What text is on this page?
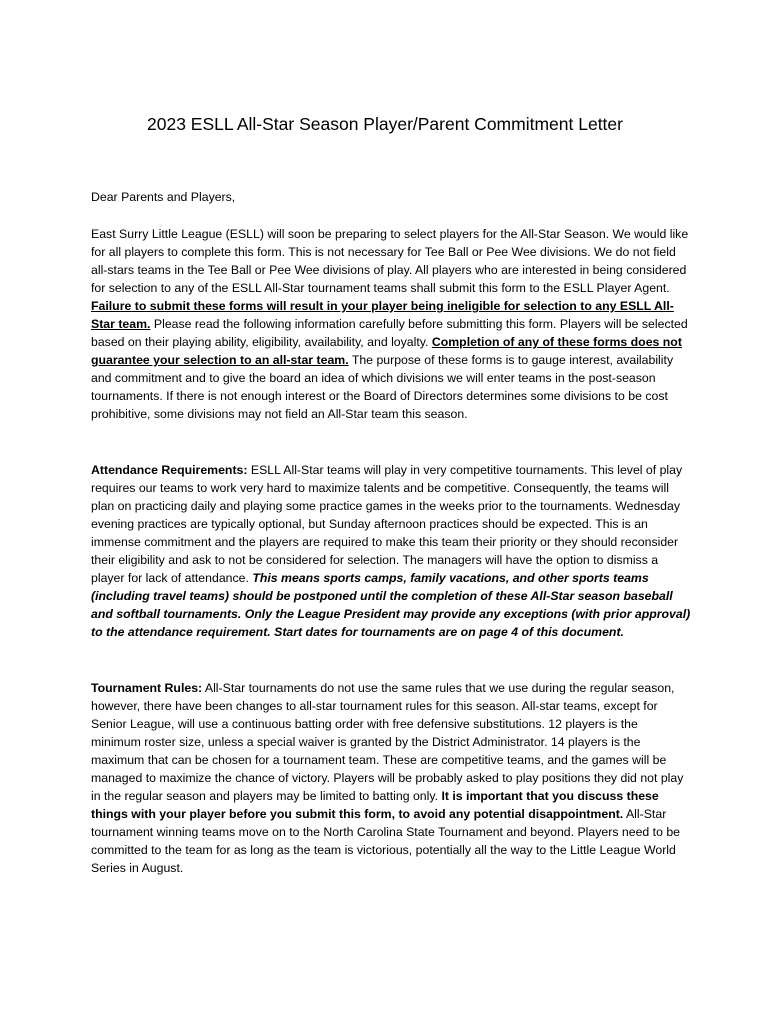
2023 ESLL All-Star Season Player/Parent Commitment Letter
Dear Parents and Players,
East Surry Little League (ESLL) will soon be preparing to select players for the All-Star Season. We would like for all players to complete this form. This is not necessary for Tee Ball or Pee Wee divisions. We do not field all-stars teams in the Tee Ball or Pee Wee divisions of play. All players who are interested in being considered for selection to any of the ESLL All-Star tournament teams shall submit this form to the ESLL Player Agent. Failure to submit these forms will result in your player being ineligible for selection to any ESLL All-Star team. Please read the following information carefully before submitting this form. Players will be selected based on their playing ability, eligibility, availability, and loyalty. Completion of any of these forms does not guarantee your selection to an all-star team. The purpose of these forms is to gauge interest, availability and commitment and to give the board an idea of which divisions we will enter teams in the post-season tournaments. If there is not enough interest or the Board of Directors determines some divisions to be cost prohibitive, some divisions may not field an All-Star team this season.
Attendance Requirements: ESLL All-Star teams will play in very competitive tournaments. This level of play requires our teams to work very hard to maximize talents and be competitive. Consequently, the teams will plan on practicing daily and playing some practice games in the weeks prior to the tournaments. Wednesday evening practices are typically optional, but Sunday afternoon practices should be expected. This is an immense commitment and the players are required to make this team their priority or they should reconsider their eligibility and ask to not be considered for selection. The managers will have the option to dismiss a player for lack of attendance. This means sports camps, family vacations, and other sports teams (including travel teams) should be postponed until the completion of these All-Star season baseball and softball tournaments. Only the League President may provide any exceptions (with prior approval) to the attendance requirement. Start dates for tournaments are on page 4 of this document.
Tournament Rules: All-Star tournaments do not use the same rules that we use during the regular season, however, there have been changes to all-star tournament rules for this season. All-star teams, except for Senior League, will use a continuous batting order with free defensive substitutions. 12 players is the minimum roster size, unless a special waiver is granted by the District Administrator. 14 players is the maximum that can be chosen for a tournament team. These are competitive teams, and the games will be managed to maximize the chance of victory. Players will be probably asked to play positions they did not play in the regular season and players may be limited to batting only. It is important that you discuss these things with your player before you submit this form, to avoid any potential disappointment. All-Star tournament winning teams move on to the North Carolina State Tournament and beyond. Players need to be committed to the team for as long as the team is victorious, potentially all the way to the Little League World Series in August.
